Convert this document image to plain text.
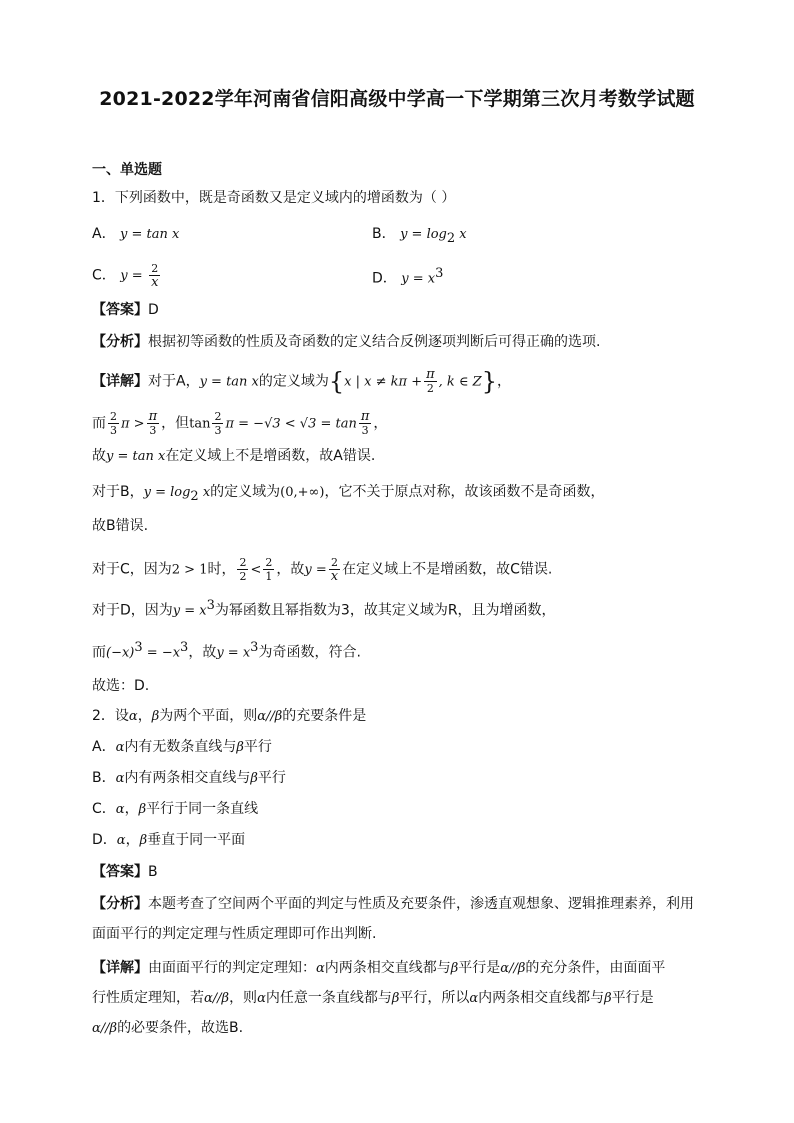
2021-2022学年河南省信阳高级中学高一下学期第三次月考数学试题
一、单选题
1．下列函数中，既是奇函数又是定义域内的增函数为（ ）
A． y = tan x	B． $y = \log_2 x$
C． $y = \frac{2}{x}$	D． $y = x^3$
【答案】D
【分析】根据初等函数的性质及奇函数的定义结合反例逐项判断后可得正确的选项.
【详解】对于A，y = tan x的定义域为{x | $x \ne k\pi + \frac{\pi}{2}$ , k ∈ Z}，
而 $\frac{2}{3}$ $\pi > \frac{\pi}{3}$ ，但$\tan \frac{2}{3}$ $\pi = -√3 < √3 = \tan \frac{\pi}{3}$ ，
故y = tan x在定义域上不是增函数，故A错误.
对于B，$y = \log_2 x$的定义域为(0,+∞)，它不关于原点对称，故该函数不是奇函数，
故B错误.
对于C，因为2 > 1时， $\frac{2}{2} < \frac{2}{1}$ ，故$y = \frac{2}{x}$ 在定义域上不是增函数，故C错误.
对于D，因为$y = x^3$为幂函数且幂指数为3，故其定义域为R，且为增函数，
而$(-x)^3 = -x^3$，故$y = x^3$为奇函数，符合.
故选：D.
2．设α，β为两个平面，则α//β的充要条件是
A．α内有无数条直线与β平行
B．α内有两条相交直线与β平行
C．α，β平行于同一条直线
D．α，β垂直于同一平面
【答案】B
【分析】本题考查了空间两个平面的判定与性质及充要条件，渗透直观想象、逻辑推理素养，利用
面面平行的判定定理与性质定理即可作出判断.
【详解】由面面平行的判定定理知：α内两条相交直线都与β平行是α//β的充分条件，由面面平
行性质定理知，若α//β，则α内任意一条直线都与β平行，所以α内两条相交直线都与β平行是
α//β的必要条件，故选B.
